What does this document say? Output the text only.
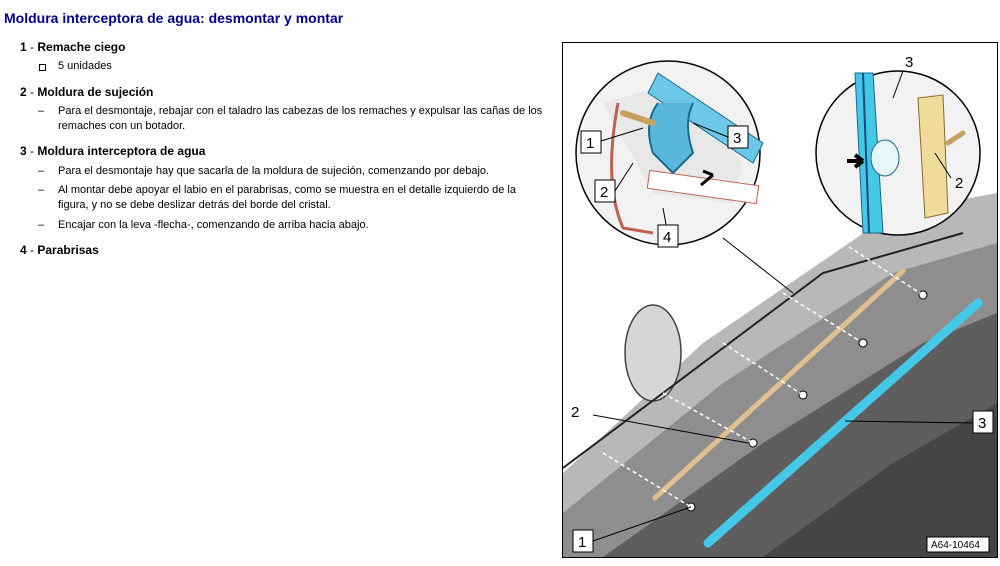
Moldura interceptora de agua: desmontar y montar
1 - Remache ciego
5 unidades
2 - Moldura de sujeción
–	Para el desmontaje, rebajar con el taladro las cabezas de los remaches y expulsar las cañas de los remaches con un botador.
3 - Moldura interceptora de agua
–	Para el desmontaje hay que sacarla de la moldura de sujeción, comenzando por debajo.
–	Al montar debe apoyar el labio en el parabrisas, como se muestra en el detalle izquierdo de la figura, y no se debe deslizar detrás del borde del cristal.
–	Encajar con la leva -flecha-, comenzando de arriba hacia abajo.
4 - Parabrisas
1
2
3
4
3
2
2
3
1	A64-10464
